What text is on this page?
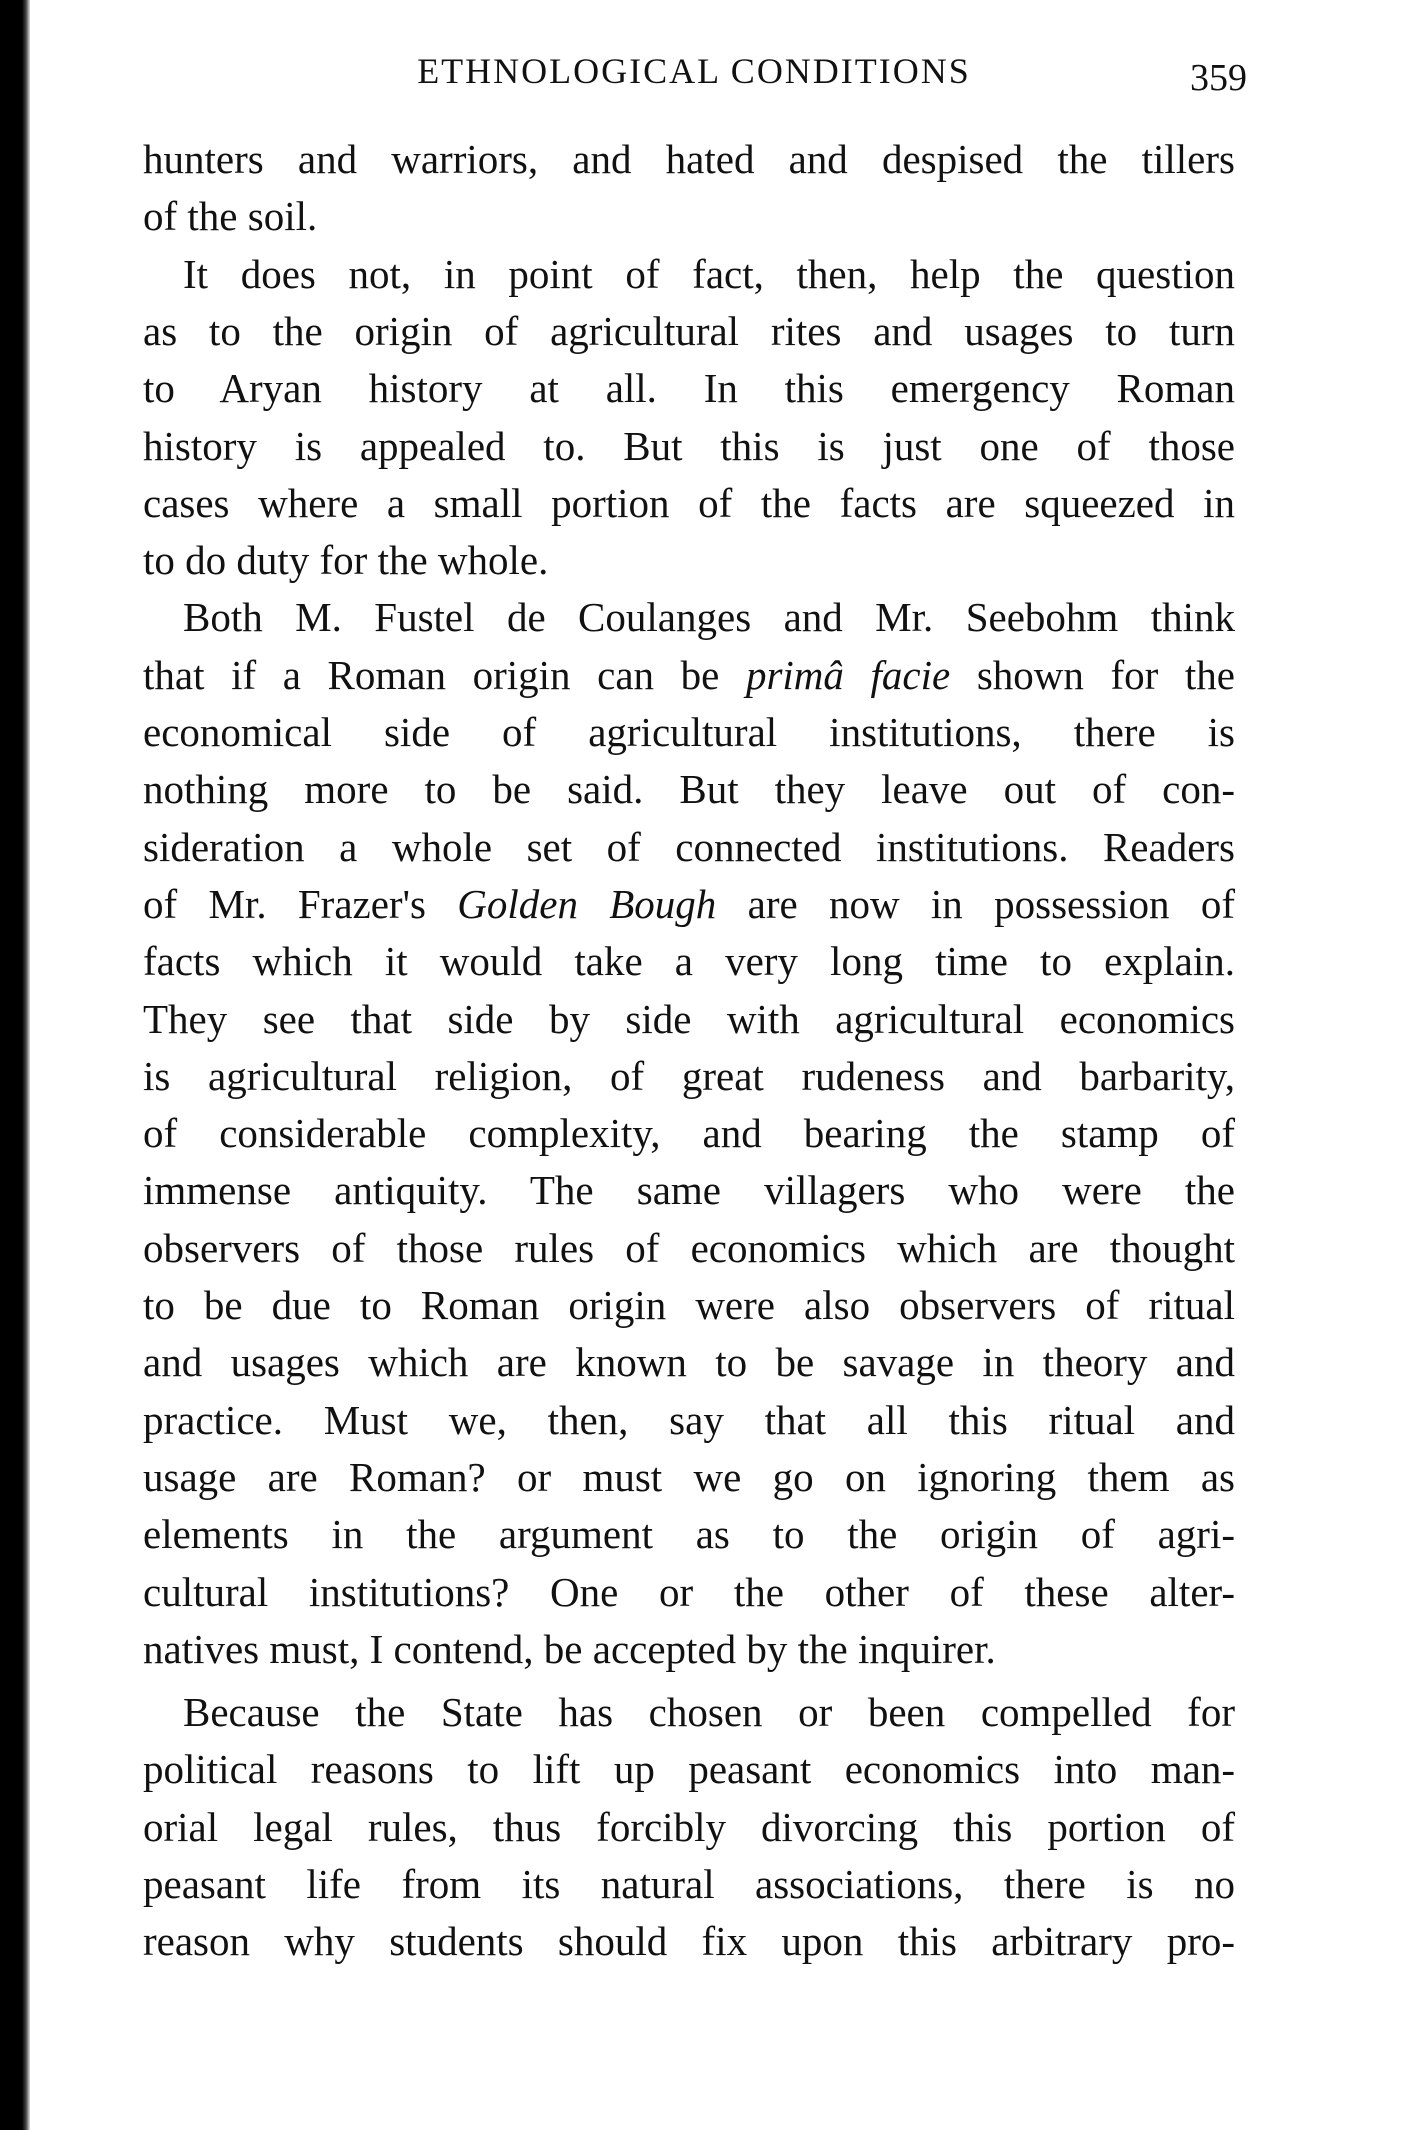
ETHNOLOGICAL CONDITIONS	359
hunters and warriors, and hated and despised the tillers
of the soil.
It does not, in point of fact, then, help the question
as to the origin of agricultural rites and usages to turn
to Aryan history at all. In this emergency Roman
history is appealed to. But this is just one of those
cases where a small portion of the facts are squeezed in
to do duty for the whole.
Both M. Fustel de Coulanges and Mr. Seebohm think
that if a Roman origin can be primâ facie shown for the
economical side of agricultural institutions, there is
nothing more to be said. But they leave out of con-
sideration a whole set of connected institutions. Readers
of Mr. Frazer's Golden Bough are now in possession of
facts which it would take a very long time to explain.
They see that side by side with agricultural economics
is agricultural religion, of great rudeness and barbarity,
of considerable complexity, and bearing the stamp of
immense antiquity. The same villagers who were the
observers of those rules of economics which are thought
to be due to Roman origin were also observers of ritual
and usages which are known to be savage in theory and
practice. Must we, then, say that all this ritual and
usage are Roman? or must we go on ignoring them as
elements in the argument as to the origin of agri-
cultural institutions? One or the other of these alter-
natives must, I contend, be accepted by the inquirer.
Because the State has chosen or been compelled for
political reasons to lift up peasant economics into man-
orial legal rules, thus forcibly divorcing this portion of
peasant life from its natural associations, there is no
reason why students should fix upon this arbitrary pro-
